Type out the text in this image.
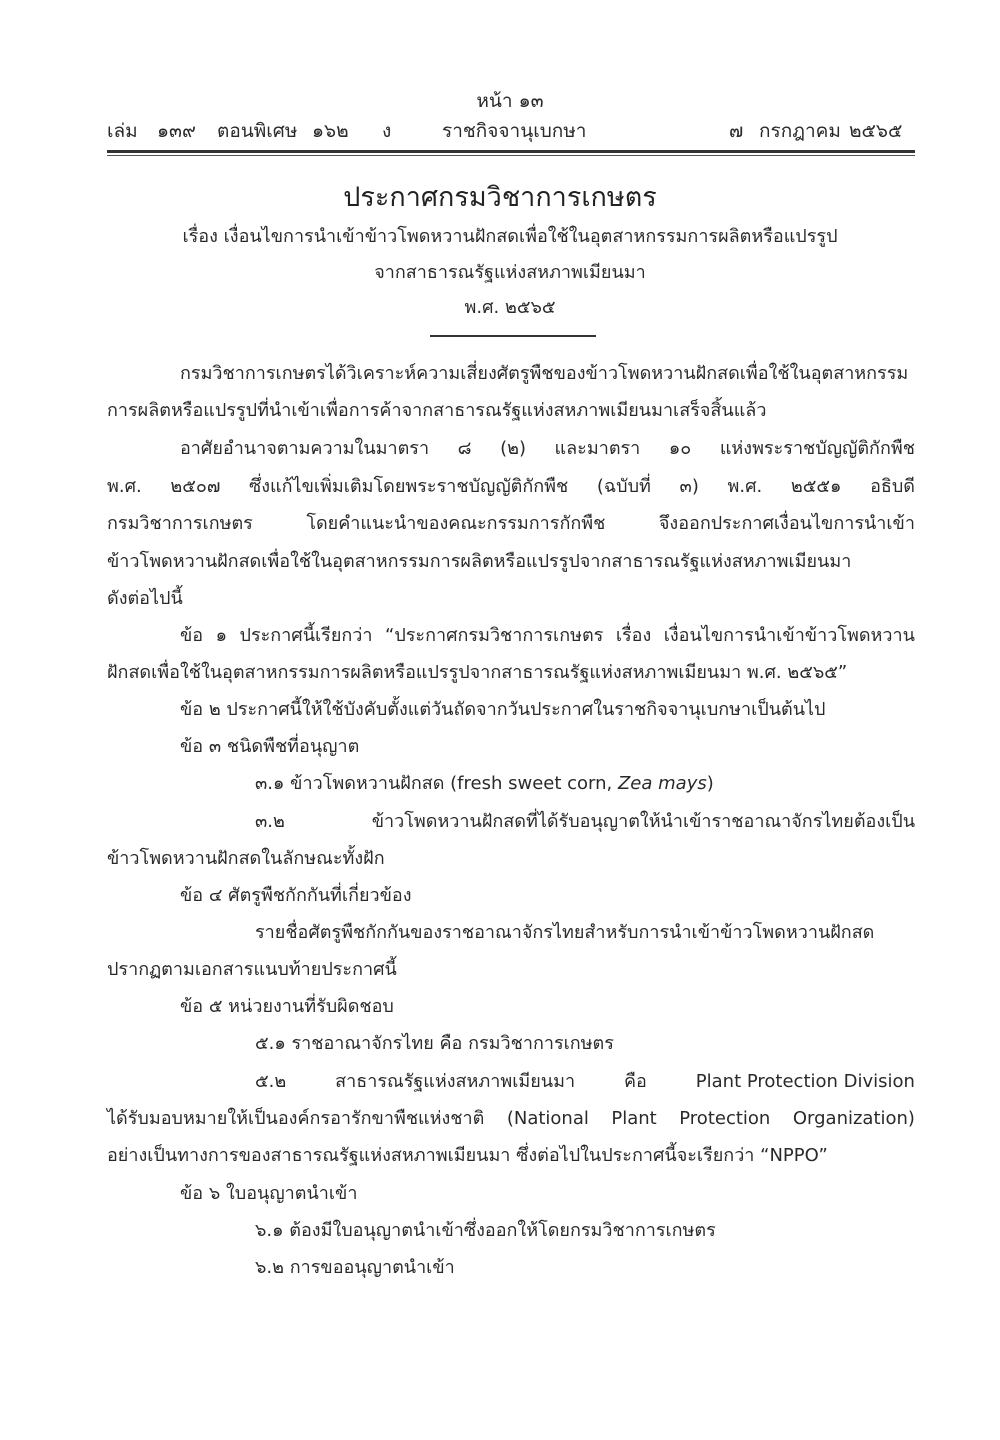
หน้า ๑๓
เล่ม ๑๓๙ ตอนพิเศษ ๑๖๒ ง	ราชกิจจานุเบกษา	๗ กรกฎาคม ๒๕๖๕
ประกาศกรมวิชาการเกษตร
เรื่อง เงื่อนไขการนำเข้าข้าวโพดหวานฝักสดเพื่อใช้ในอุตสาหกรรมการผลิตหรือแปรรูป
จากสาธารณรัฐแห่งสหภาพเมียนมา
พ.ศ. ๒๕๖๕
กรมวิชาการเกษตรได้วิเคราะห์ความเสี่ยงศัตรูพืชของข้าวโพดหวานฝักสดเพื่อใช้ในอุตสาหกรรม
การผลิตหรือแปรรูปที่นำเข้าเพื่อการค้าจากสาธารณรัฐแห่งสหภาพเมียนมาเสร็จสิ้นแล้ว
อาศัยอำนาจตามความในมาตรา ๘ (๒) และมาตรา ๑๐ แห่งพระราชบัญญัติกักพืช
พ.ศ. ๒๕๐๗ ซึ่งแก้ไขเพิ่มเติมโดยพระราชบัญญัติกักพืช (ฉบับที่ ๓) พ.ศ. ๒๕๕๑ อธิบดี
กรมวิชาการเกษตร	โดยคำแนะนำของคณะกรรมการกักพืช	จึงออกประกาศเงื่อนไขการนำเข้า
ข้าวโพดหวานฝักสดเพื่อใช้ในอุตสาหกรรมการผลิตหรือแปรรูปจากสาธารณรัฐแห่งสหภาพเมียนมา
ดังต่อไปนี้
ข้อ ๑ ประกาศนี้เรียกว่า “ประกาศกรมวิชาการเกษตร เรื่อง เงื่อนไขการนำเข้าข้าวโพดหวาน
ฝักสดเพื่อใช้ในอุตสาหกรรมการผลิตหรือแปรรูปจากสาธารณรัฐแห่งสหภาพเมียนมา พ.ศ. ๒๕๖๕”
ข้อ ๒ ประกาศนี้ให้ใช้บังคับตั้งแต่วันถัดจากวันประกาศในราชกิจจานุเบกษาเป็นต้นไป
ข้อ ๓ ชนิดพืชที่อนุญาต
๓.๑ ข้าวโพดหวานฝักสด (fresh sweet corn, Zea mays)
๓.๒	ข้าวโพดหวานฝักสดที่ได้รับอนุญาตให้นำเข้าราชอาณาจักรไทยต้องเป็น
ข้าวโพดหวานฝักสดในลักษณะทั้งฝัก
ข้อ ๔ ศัตรูพืชกักกันที่เกี่ยวข้อง
รายชื่อศัตรูพืชกักกันของราชอาณาจักรไทยสำหรับการนำเข้าข้าวโพดหวานฝักสด
ปรากฏตามเอกสารแนบท้ายประกาศนี้
ข้อ ๕ หน่วยงานที่รับผิดชอบ
๕.๑ ราชอาณาจักรไทย คือ กรมวิชาการเกษตร
๕.๒	สาธารณรัฐแห่งสหภาพเมียนมา	คือ	Plant Protection Division
ได้รับมอบหมายให้เป็นองค์กรอารักขาพืชแห่งชาติ (National Plant Protection Organization)
อย่างเป็นทางการของสาธารณรัฐแห่งสหภาพเมียนมา ซึ่งต่อไปในประกาศนี้จะเรียกว่า “NPPO”
ข้อ ๖ ใบอนุญาตนำเข้า
๖.๑ ต้องมีใบอนุญาตนำเข้าซึ่งออกให้โดยกรมวิชาการเกษตร
๖.๒ การขออนุญาตนำเข้า
